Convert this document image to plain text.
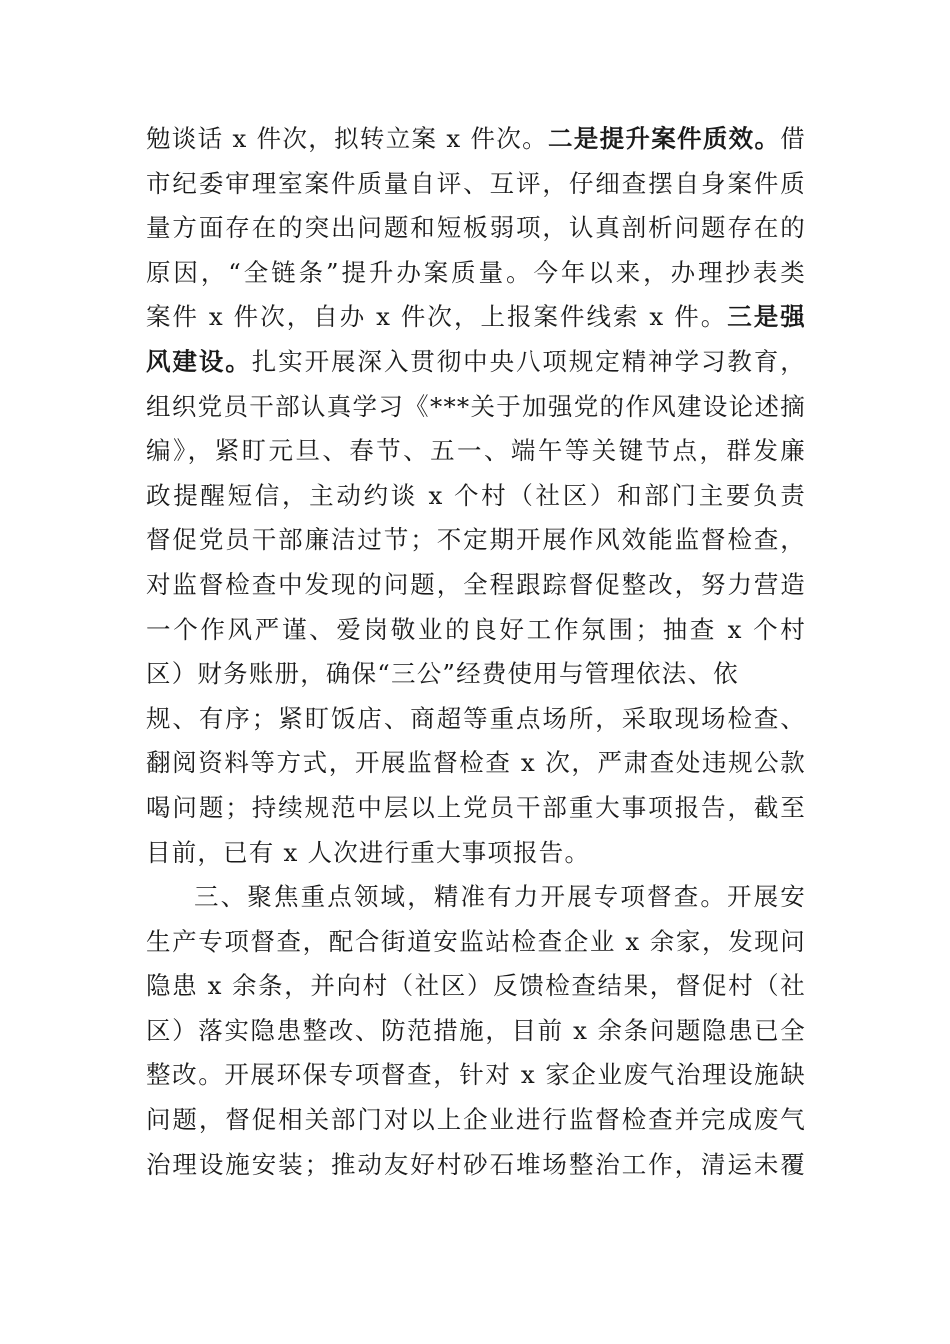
勉谈话 x 件次，拟转立案 x 件次。二是提升案件质效。借
市纪委审理室案件质量自评、互评，仔细查摆自身案件质
量方面存在的突出问题和短板弱项，认真剖析问题存在的
原因，“全链条”提升办案质量。今年以来，办理抄表类
案件 x 件次，自办 x 件次，上报案件线索 x 件。三是强
风建设。扎实开展深入贯彻中央八项规定精神学习教育，
组织党员干部认真学习《***关于加强党的作风建设论述摘
编》，紧盯元旦、春节、五一、端午等关键节点，群发廉
政提醒短信，主动约谈 x 个村（社区）和部门主要负责
督促党员干部廉洁过节；不定期开展作风效能监督检查，
对监督检查中发现的问题，全程跟踪督促整改，努力营造
一个作风严谨、爱岗敬业的良好工作氛围；抽查 x 个村
区）财务账册，确保“三公”经费使用与管理依法、依
规、有序；紧盯饭店、商超等重点场所，采取现场检查、
翻阅资料等方式，开展监督检查 x 次，严肃查处违规公款
喝问题；持续规范中层以上党员干部重大事项报告，截至
目前，已有 x 人次进行重大事项报告。
三、聚焦重点领域，精准有力开展专项督查。开展安
生产专项督查，配合街道安监站检查企业 x 余家，发现问
隐患 x 余条，并向村（社区）反馈检查结果，督促村（社
区）落实隐患整改、防范措施，目前 x 余条问题隐患已全
整改。开展环保专项督查，针对 x 家企业废气治理设施缺
问题，督促相关部门对以上企业进行监督检查并完成废气
治理设施安装；推动友好村砂石堆场整治工作，清运未覆
